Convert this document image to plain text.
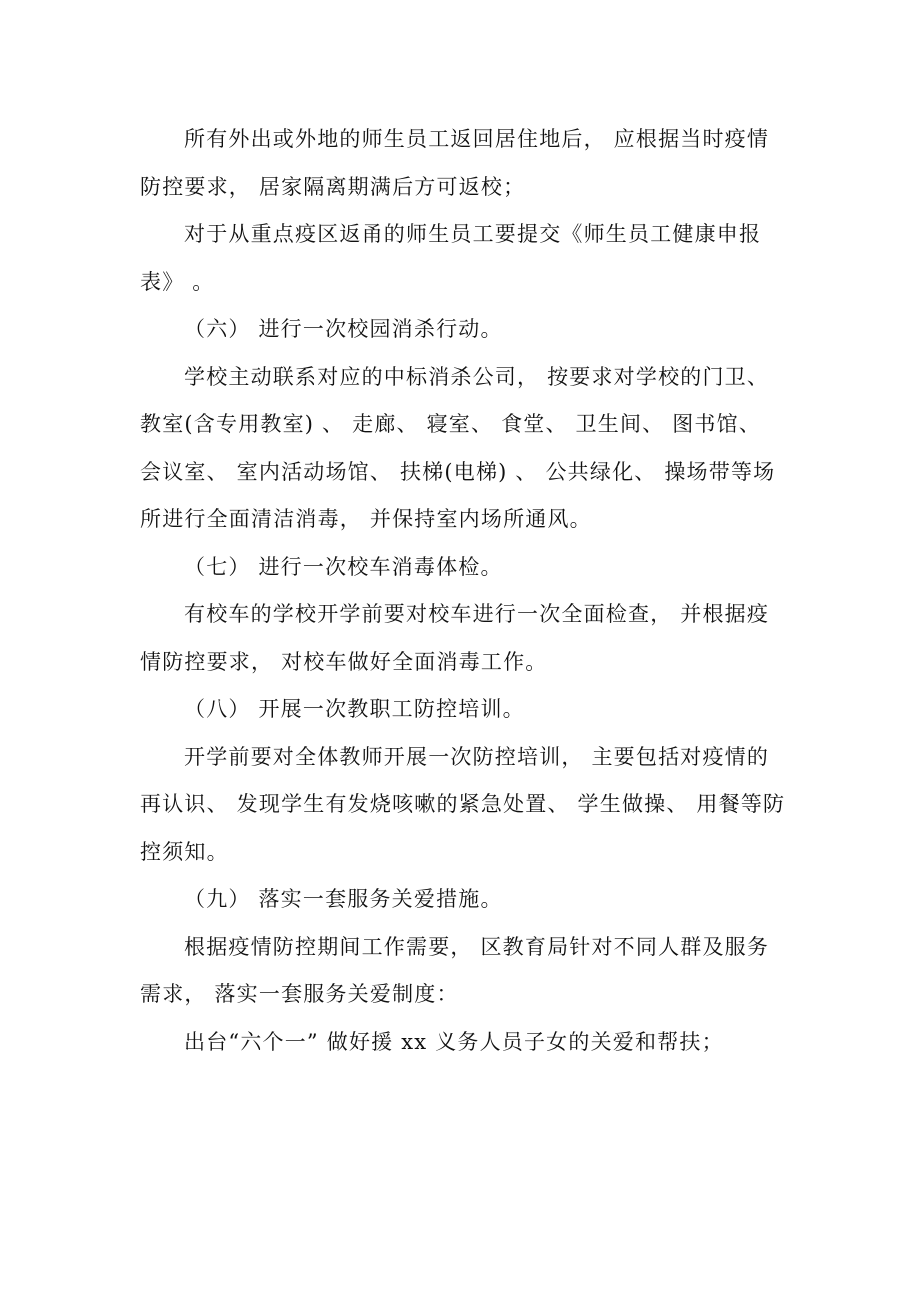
所有外出或外地的师生员工返回居住地后， 应根据当时疫情防控要求， 居家隔离期满后方可返校；

对于从重点疫区返甬的师生员工要提交《师生员工健康申报表》 。

（六） 进行一次校园消杀行动。

学校主动联系对应的中标消杀公司， 按要求对学校的门卫、 教室(含专用教室) 、 走廊、 寝室、 食堂、 卫生间、 图书馆、 会议室、 室内活动场馆、 扶梯(电梯) 、 公共绿化、 操场带等场所进行全面清洁消毒， 并保持室内场所通风。

（七） 进行一次校车消毒体检。

有校车的学校开学前要对校车进行一次全面检查， 并根据疫情防控要求， 对校车做好全面消毒工作。

（八） 开展一次教职工防控培训。

开学前要对全体教师开展一次防控培训， 主要包括对疫情的再认识、 发现学生有发烧咳嗽的紧急处置、 学生做操、 用餐等防控须知。

（九） 落实一套服务关爱措施。

根据疫情防控期间工作需要， 区教育局针对不同人群及服务需求， 落实一套服务关爱制度：

出台“六个一” 做好援 xx 义务人员子女的关爱和帮扶；
